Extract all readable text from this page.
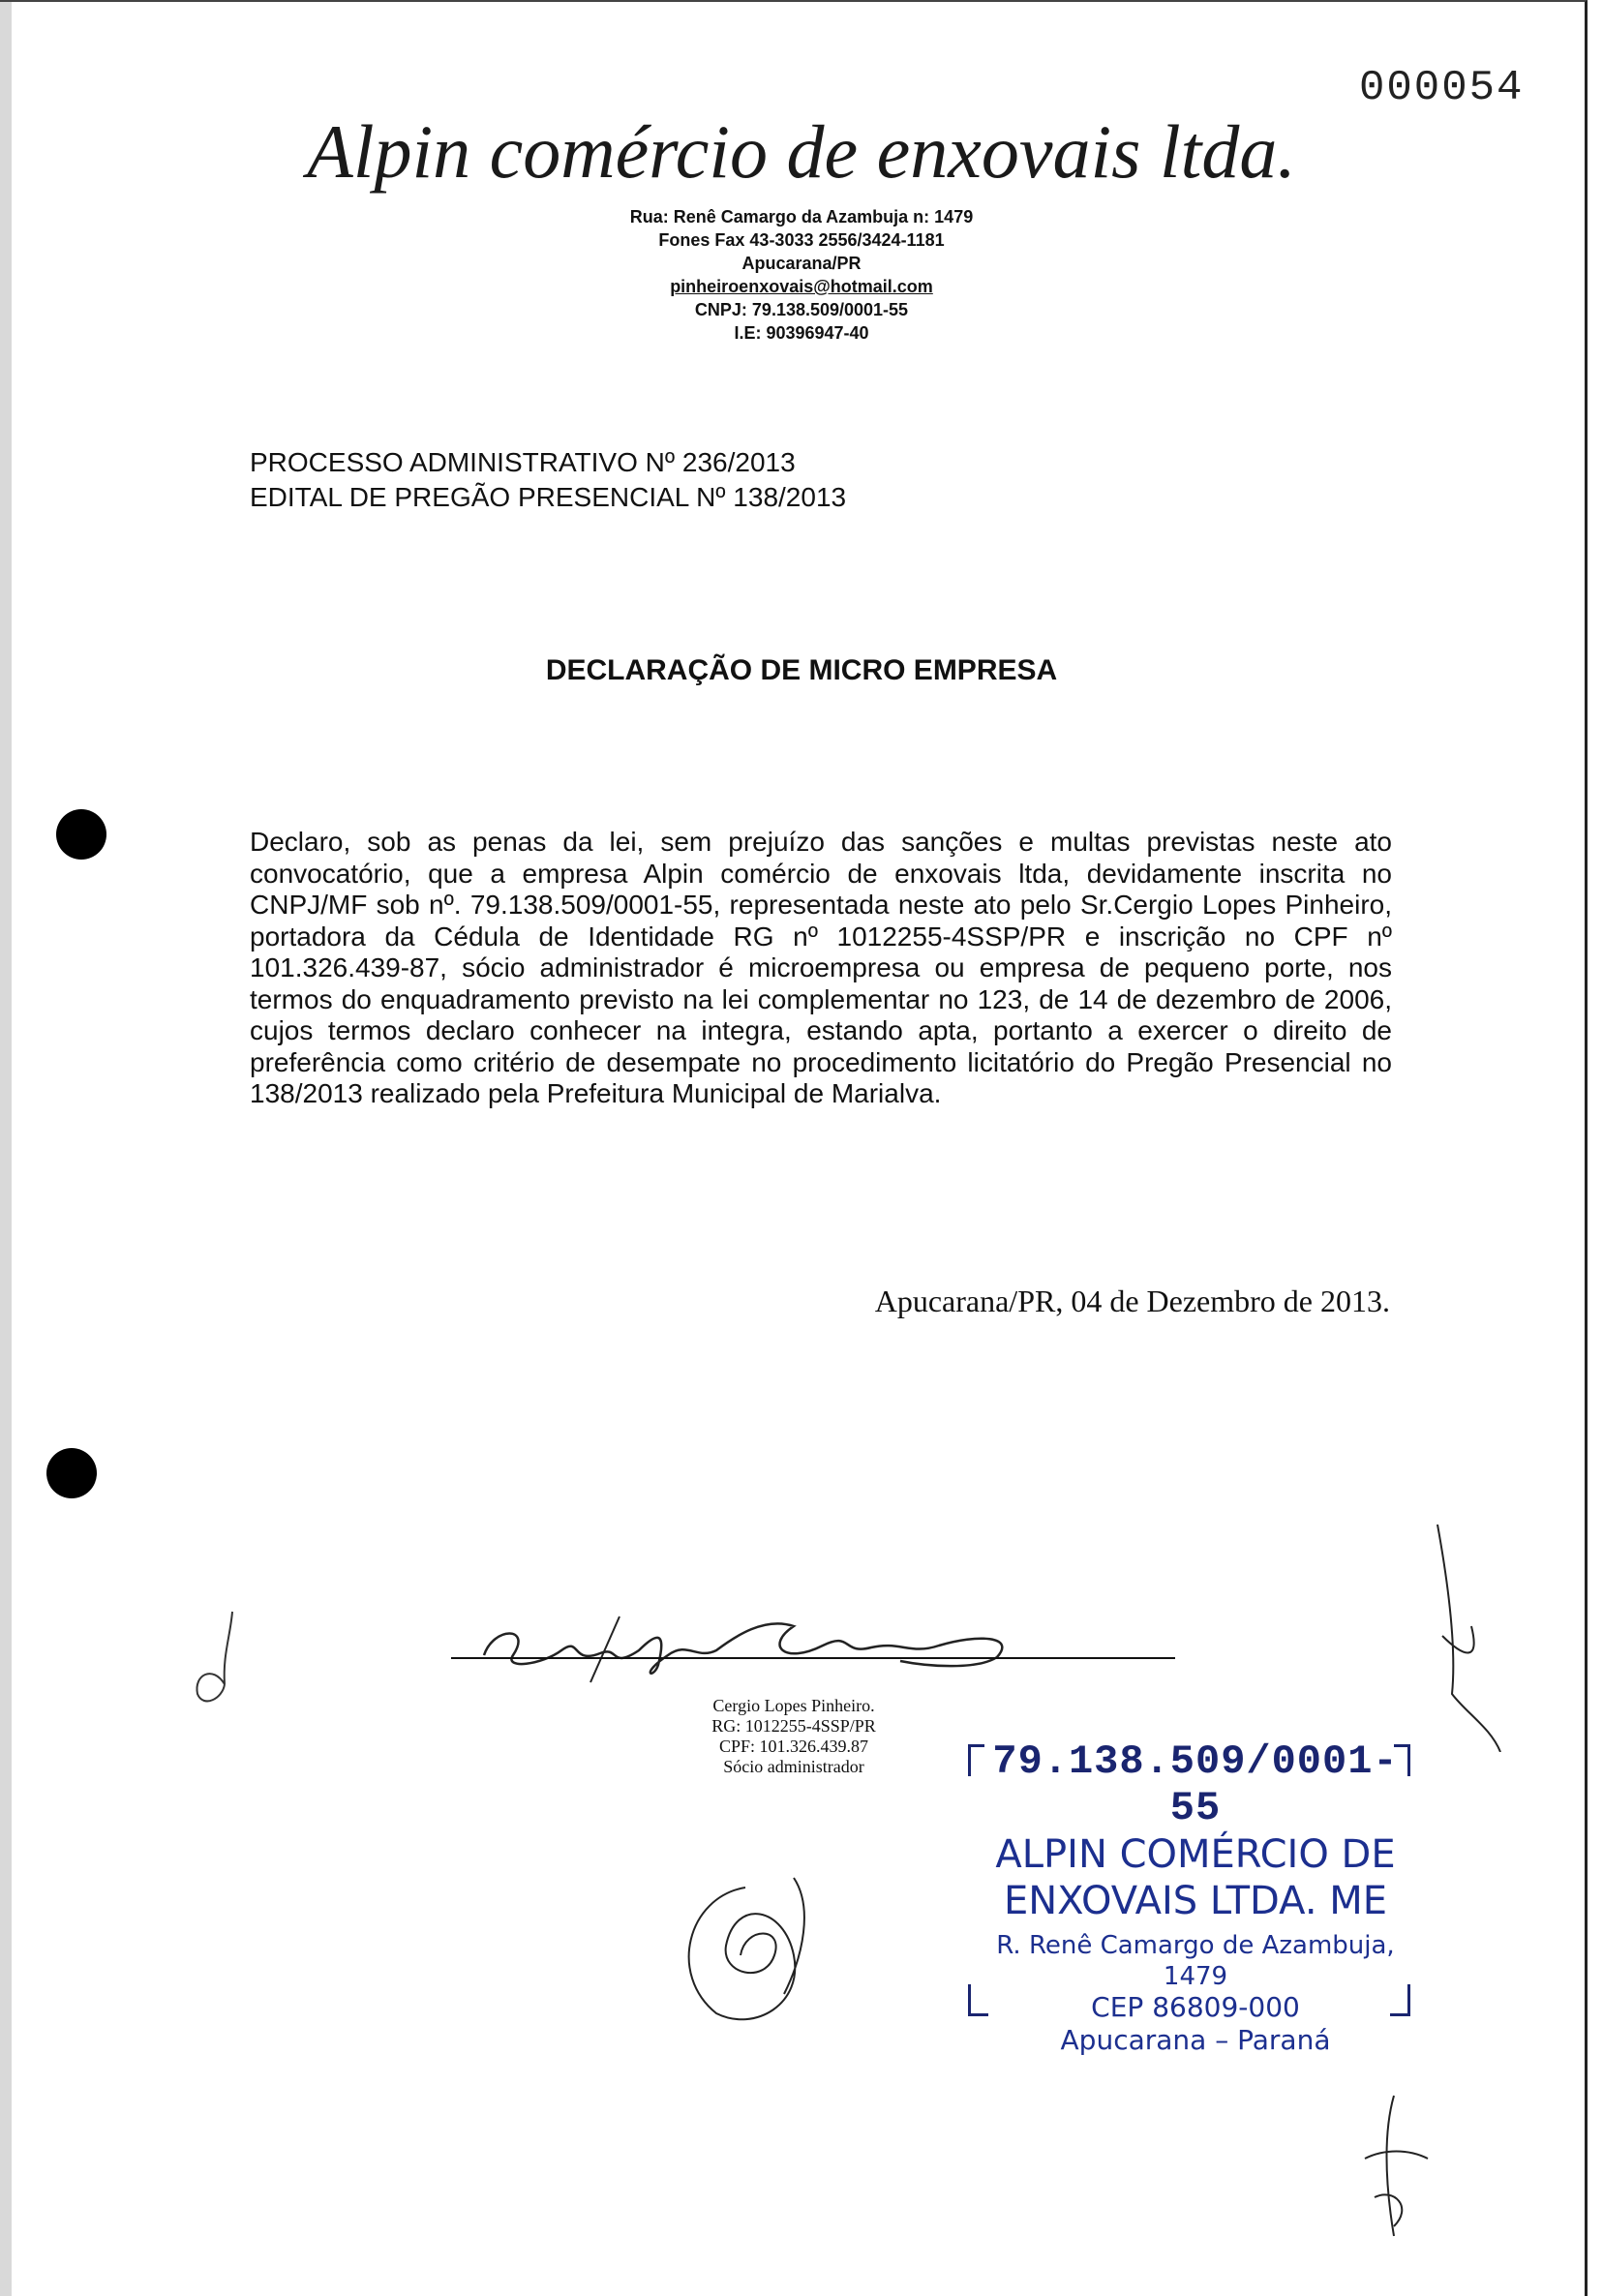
000054
Alpin comércio de enxovais ltda.
Rua: Renê Camargo da Azambuja n: 1479
Fones Fax 43-3033 2556/3424-1181
Apucarana/PR
pinheiroenxovais@hotmail.com
CNPJ: 79.138.509/0001-55
I.E: 90396947-40
PROCESSO ADMINISTRATIVO Nº 236/2013
EDITAL DE PREGÃO PRESENCIAL Nº 138/2013
DECLARAÇÃO DE MICRO EMPRESA
Declaro, sob as penas da lei, sem prejuízo das sanções e multas previstas neste ato convocatório, que a empresa Alpin comércio de enxovais ltda, devidamente inscrita no CNPJ/MF sob nº. 79.138.509/0001-55, representada neste ato pelo Sr.Cergio Lopes Pinheiro, portadora da Cédula de Identidade RG nº 1012255-4SSP/PR e inscrição no CPF nº 101.326.439-87, sócio administrador é microempresa ou empresa de pequeno porte, nos termos do enquadramento previsto na lei complementar no 123, de 14 de dezembro de 2006, cujos termos declaro conhecer na integra, estando apta, portanto a exercer o direito de preferência como critério de desempate no procedimento licitatório do Pregão Presencial no 138/2013 realizado pela Prefeitura Municipal de Marialva.
Apucarana/PR, 04 de Dezembro de 2013.
Cergio Lopes Pinheiro.
RG: 1012255-4SSP/PR
CPF: 101.326.439.87
Sócio administrador	79.138.509/0001-55
ALPIN COMÉRCIO DE
ENXOVAIS LTDA. ME
R. Renê Camargo de Azambuja, 1479
CEP 86809-000
Apucarana – Paraná
